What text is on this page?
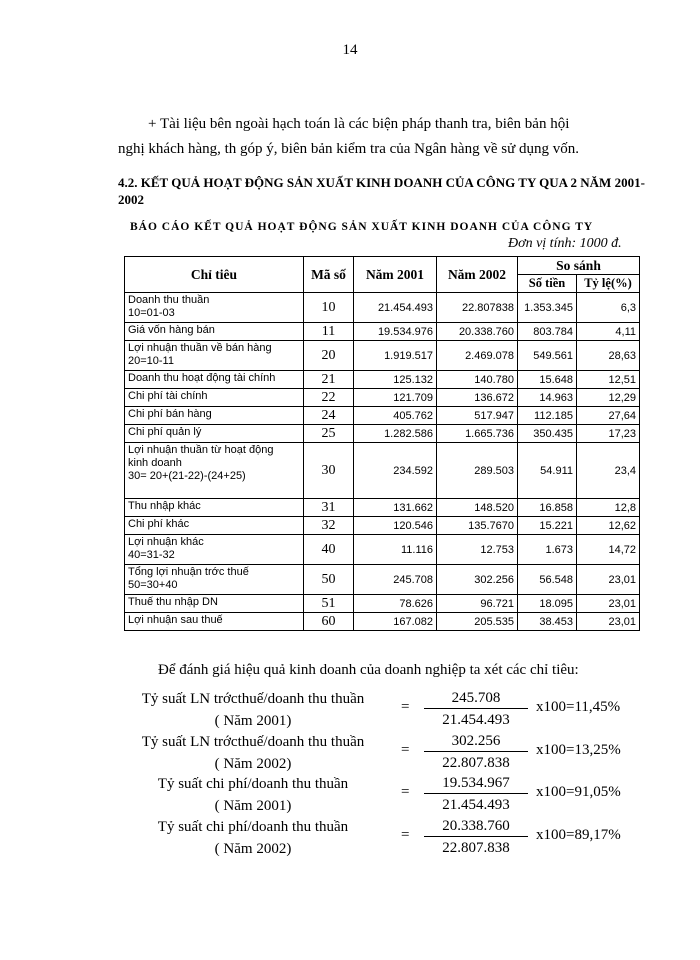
14
+ Tài liệu bên ngoài hạch toán là các biện pháp thanh tra, biên bản hội
nghị khách hàng, th góp ý, biên bản kiểm tra của Ngân hàng về sử dụng vốn.
4.2. KẾT QUẢ HOẠT ĐỘNG SẢN XUẤT KINH DOANH CỦA CÔNG TY QUA 2 NĂM 2001-2002
BÁO CÁO KẾT QUẢ HOẠT ĐỘNG SẢN XUẤT KINH DOANH CỦA CÔNG TY
Đơn vị tính: 1000 đ.
Chỉ tiêu	Mã số	Năm 2001	Năm 2002	So sánh	
				Số tiền	Tỷ lệ(%)
Doanh thu thuần
10=01-03	10	21.454.493	22.807838	1.353.345	6,3
Giá vốn hàng bán	11	19.534.976	20.338.760	803.784	4,11
Lợi nhuận thuần về bán hàng
20=10-11	20	1.919.517	2.469.078	549.561	28,63
Doanh thu hoạt động tài chính	21	125.132	140.780	15.648	12,51
Chi phí tài chính	22	121.709	136.672	14.963	12,29
Chi phí bán hàng	24	405.762	517.947	112.185	27,64
Chi phí quản lý	25	1.282.586	1.665.736	350.435	17,23
Lợi nhuận thuần từ hoạt động
kinh doanh
30= 20+(21-22)-(24+25)	30	234.592	289.503	54.911	23,4
Thu nhập khác	31	131.662	148.520	16.858	12,8
Chi phí khác	32	120.546	135.7670	15.221	12,62
Lợi nhuận khác
40=31-32	40	11.116	12.753	1.673	14,72
Tổng lợi nhuận trớc thuế
50=30+40	50	245.708	302.256	56.548	23,01
Thuế thu nhập DN	51	78.626	96.721	18.095	23,01
Lợi nhuận sau thuế	60	167.082	205.535	38.453	23,01
Để đánh giá hiệu quả kinh doanh của doanh nghiệp ta xét các chỉ tiêu:
Tỷ suất LN trớcthuế/doanh thu thuần
( Năm 2001)
= $\frac{245.708}{21.454.493} x100=11,45\%$
Tỷ suất LN trớcthuế/doanh thu thuần
( Năm 2002)
= $\frac{302.256}{22.807.838} x100=13,25\%$
Tỷ suất chi phí/doanh thu thuần
( Năm 2001)
= $\frac{19.534.967}{21.454.493} x100=91,05\%$
Tỷ suất chi phí/doanh thu thuần
( Năm 2002)
= $\frac{20.338.760}{22.807.838} x100=89,17\%$
